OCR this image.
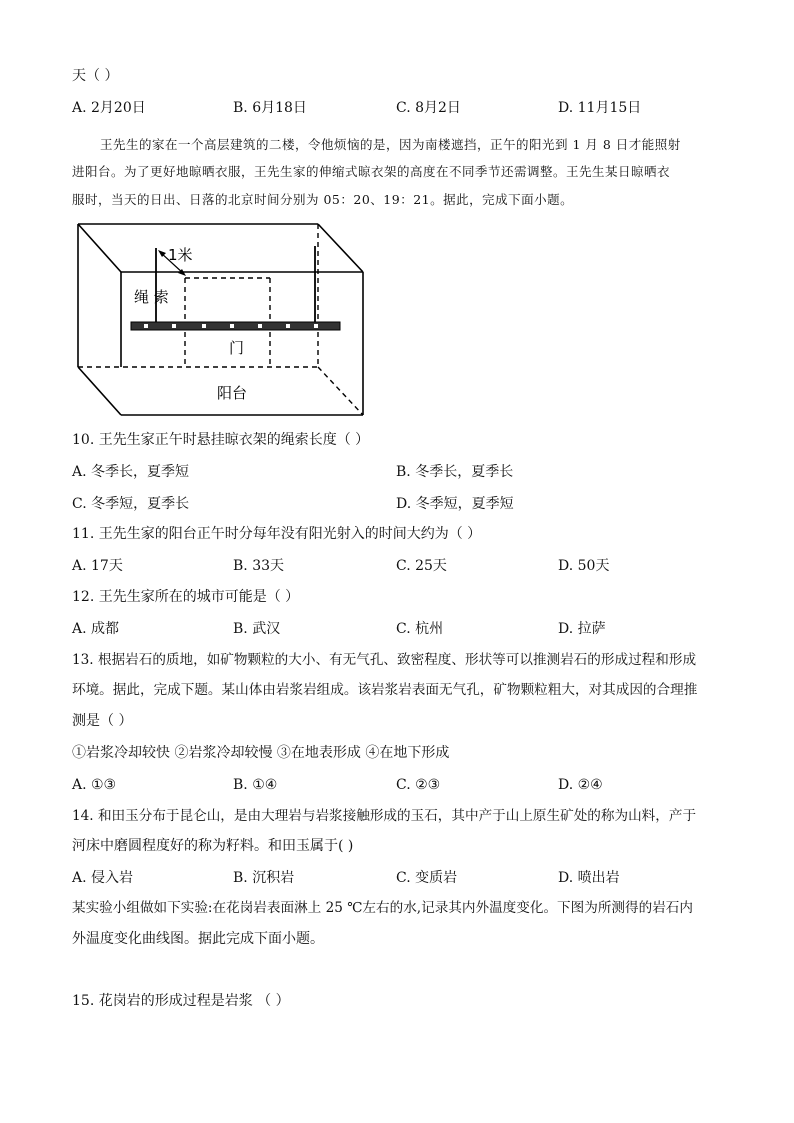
天（ ）
A. 2月20日	B. 6月18日	C. 8月2日	D. 11月15日
王先生的家在一个高层建筑的二楼，令他烦恼的是，因为南楼遮挡，正午的阳光到 1 月 8 日才能照射
进阳台。为了更好地晾晒衣服，王先生家的伸缩式晾衣架的高度在不同季节还需调整。王先生某日晾晒衣
服时，当天的日出、日落的北京时间分别为 05：20、19：21。据此，完成下面小题。
1米
绳 索
门
阳台
10. 王先生家正午时悬挂晾衣架的绳索长度（ ）
A. 冬季长，夏季短	B. 冬季长，夏季长
C. 冬季短，夏季长	D. 冬季短，夏季短
11. 王先生家的阳台正午时分每年没有阳光射入的时间大约为（ ）
A. 17天	B. 33天	C. 25天	D. 50天
12. 王先生家所在的城市可能是（ ）
A. 成都	B. 武汉	C. 杭州	D. 拉萨
13. 根据岩石的质地，如矿物颗粒的大小、有无气孔、致密程度、形状等可以推测岩石的形成过程和形成
环境。据此，完成下题。某山体由岩浆岩组成。该岩浆岩表面无气孔，矿物颗粒粗大，对其成因的合理推
测是（ ）
①岩浆冷却较快 ②岩浆冷却较慢 ③在地表形成 ④在地下形成
A. ①③	B. ①④	C. ②③	D. ②④
14. 和田玉分布于昆仑山，是由大理岩与岩浆接触形成的玉石，其中产于山上原生矿处的称为山料，产于
河床中磨圆程度好的称为籽料。和田玉属于( )
A. 侵入岩	B. 沉积岩	C. 变质岩	D. 喷出岩
某实验小组做如下实验:在花岗岩表面淋上 25 ℃左右的水,记录其内外温度变化。下图为所测得的岩石内
外温度变化曲线图。据此完成下面小题。
15. 花岗岩的形成过程是岩浆 （ ）
